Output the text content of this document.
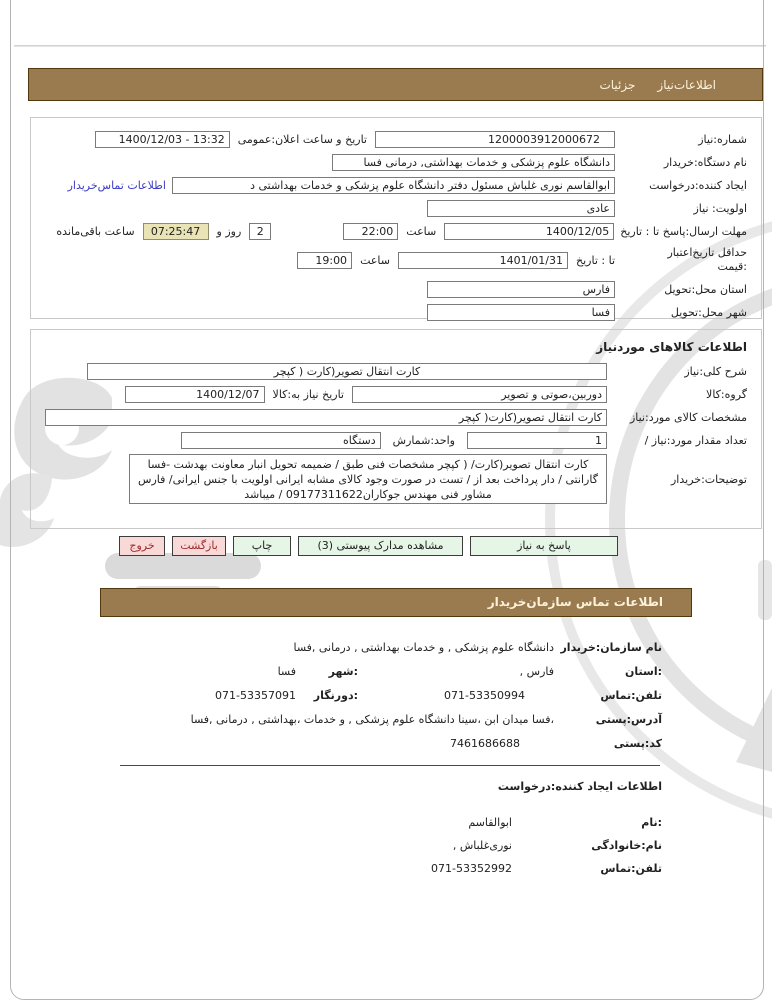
اطلاعات‌نیاز
جزئیات
شماره:نیاز
1200003912000672
تاریخ و ساعت اعلان:عمومی
1400/12/03 - 13:32
نام دستگاه:خریدار
دانشگاه علوم پزشکی و خدمات بهداشتی, درمانی فسا
ایجاد کننده:درخواست
ابوالقاسم نوری غلباش مسئول دفتر دانشگاه علوم پزشکی و خدمات بهداشتی د
اطلاعات تماس‌خریدار
اولویت: نیاز
عادی
مهلت ارسال:پاسخ تا : تاریخ
1400/12/05
ساعت
22:00
2
روز و
07:25:47
ساعت باقی‌مانده
حداقل تاریخ‌اعتبار
:قیمت
تا : تاریخ
1401/01/31
ساعت
19:00
استان محل:تحویل
فارس
شهر محل:تحویل
فسا
اطلاعات کالاهای موردنیاز
شرح کلی:نیاز
کارت انتقال تصویر(کارت ( کپچر
گروه:کالا
دوربین،صوتی و تصویر
تاریخ نیاز به:کالا
1400/12/07
مشخصات کالای مورد:نیاز
کارت انتقال تصویر(کارت( کپچر
تعداد مقدار مورد:نیاز /
1
واحد:شمارش
دستگاه
توضیحات:خریدار
کارت انتقال تصویر(کارت/ ( کپچر مشخصات فنی طبق / ضمیمه تحویل انبار معاونت بهدشت -فسا گارانتی / دار پرداخت بعد از / تست در صورت وجود کالای مشابه ایرانی اولویت با جنس ایرانی/ فارس مشاور فنی مهندس جوکاران09177311622 / میباشد
پاسخ به نیاز
مشاهده مدارک پیوستی (3)
چاپ
بازگشت
خروج
اطلاعات تماس سازمان‌خریدار
نام سازمان:خریدار
دانشگاه علوم پزشکی , و خدمات بهداشتی , درمانی ,فسا
:استان
فارس ,
:شهر
فسا
تلفن:تماس
071-53350994
:دورنگار
071-53357091
آدرس:پستی
،فسا میدان ابن ،سینا دانشگاه علوم پزشکی , و خدمات ،بهداشتی , درمانی ,فسا
کد:پستی
7461686688
اطلاعات ایجاد کننده:درخواست
:نام
ابوالقاسم
نام:خانوادگی
نوری‌غلباش ,
تلفن:تماس
071-53352992
